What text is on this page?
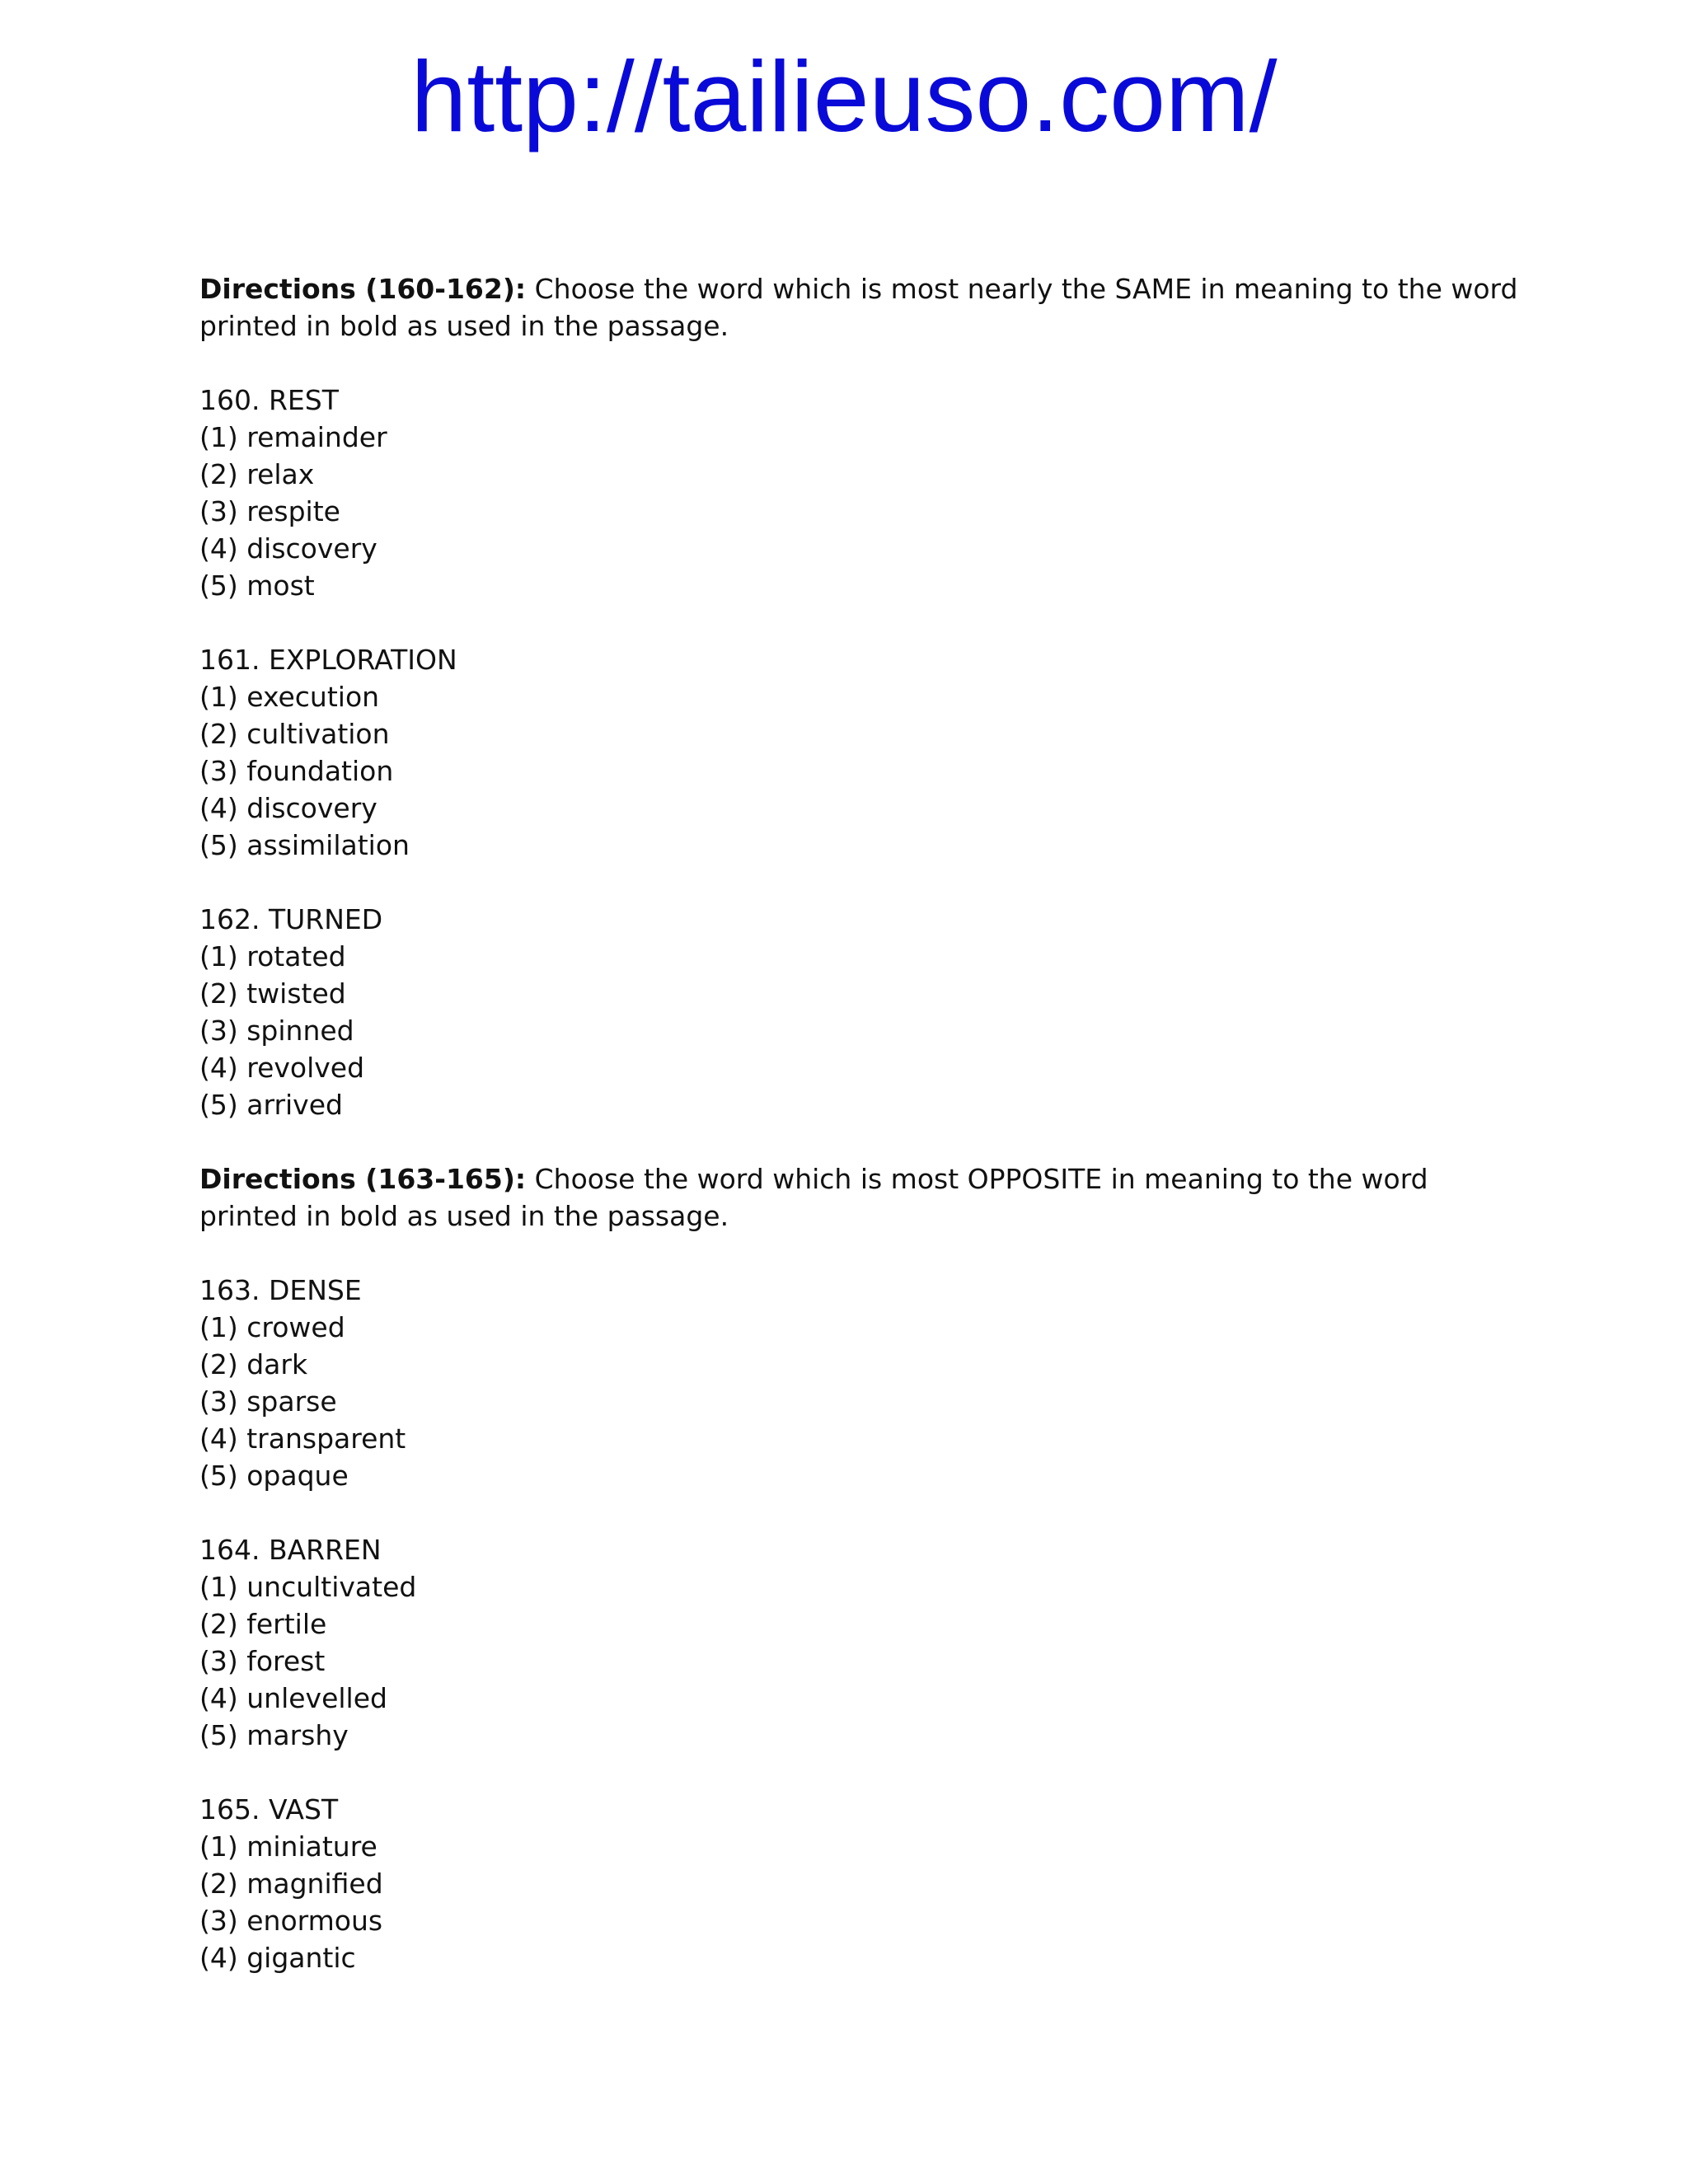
http://tailieuso.com/
Directions (160-162): Choose the word which is most nearly the SAME in meaning to the word printed in bold as used in the passage.
160. REST
(1) remainder
(2) relax
(3) respite
(4) discovery
(5) most
161. EXPLORATION
(1) execution
(2) cultivation
(3) foundation
(4) discovery
(5) assimilation
162. TURNED
(1) rotated
(2) twisted
(3) spinned
(4) revolved
(5) arrived
Directions (163-165): Choose the word which is most OPPOSITE in meaning to the word printed in bold as used in the passage.
163. DENSE
(1) crowed
(2) dark
(3) sparse
(4) transparent
(5) opaque
164. BARREN
(1) uncultivated
(2) fertile
(3) forest
(4) unlevelled
(5) marshy
165. VAST
(1) miniature
(2) magnified
(3) enormous
(4) gigantic
